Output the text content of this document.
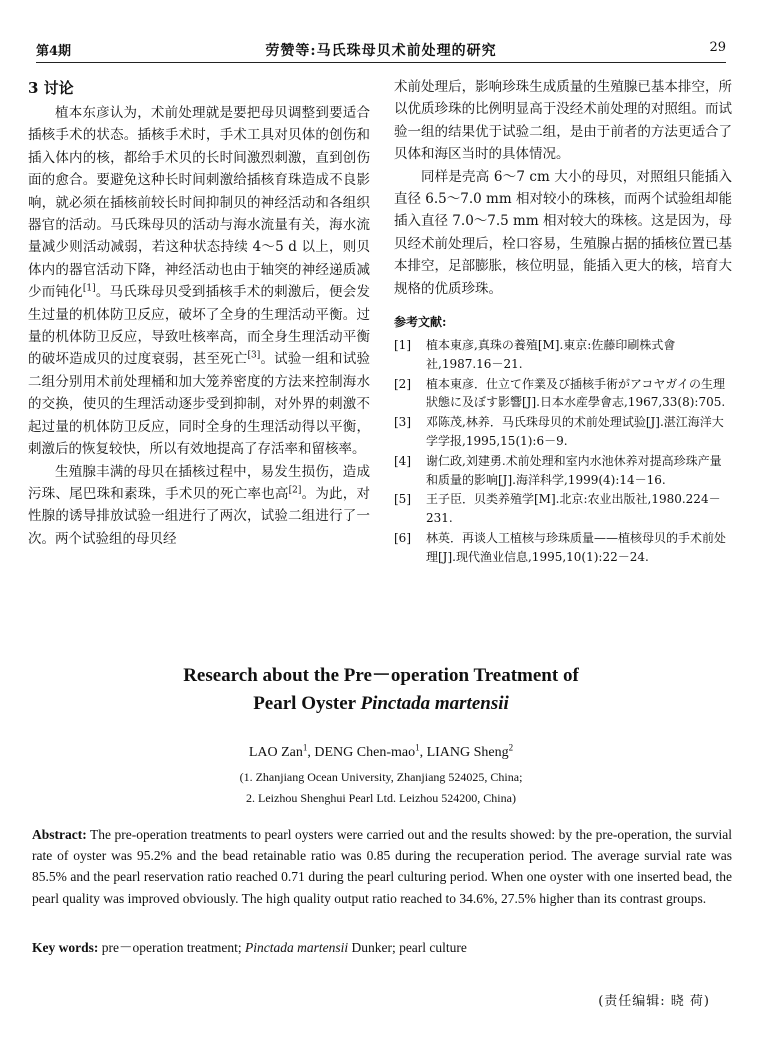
第4期	劳赞等:马氏珠母贝术前处理的研究	29
3 讨论

植本东彦认为，术前处理就是要把母贝调整到要适合插核手术的状态。插核手术时，手术工具对贝体的创伤和插入体内的核，都给手术贝的长时间激烈刺激，直到创伤面的愈合。要避免这种长时间刺激给插核育珠造成不良影响，就必须在插核前较长时间抑制贝的神经活动和各组织器官的活动。马氏珠母贝的活动与海水流量有关，海水流量减少则活动减弱，若这种状态持续 4～5 d 以上，则贝体内的器官活动下降，神经活动也由于轴突的神经递质减少而钝化[1]。马氏珠母贝受到插核手术的刺激后，便会发生过量的机体防卫反应，破坏了全身的生理活动平衡。过量的机体防卫反应，导致吐核率高，而全身生理活动平衡的破坏造成贝的过度衰弱，甚至死亡[3]。试验一组和试验二组分别用术前处理桶和加大笼养密度的方法来控制海水的交换，使贝的生理活动逐步受到抑制，对外界的刺激不起过量的机体防卫反应，同时全身的生理活动得以平衡，刺激后的恢复较快，所以有效地提高了存活率和留核率。

生殖腺丰满的母贝在插核过程中，易发生损伤，造成污珠、尾巴珠和素珠，手术贝的死亡率也高[2]。为此，对性腺的诱导排放试验一组进行了两次，试验二组进行了一次。两个试验组的母贝经

术前处理后，影响珍珠生成质量的生殖腺已基本排空，所以优质珍珠的比例明显高于没经术前处理的对照组。而试验一组的结果优于试验二组，是由于前者的方法更适合了贝体和海区当时的具体情况。

同样是壳高 6～7 cm 大小的母贝，对照组只能插入直径 6.5～7.0 mm 相对较小的珠核，而两个试验组却能插入直径 7.0～7.5 mm 相对较大的珠核。这是因为，母贝经术前处理后，栓口容易，生殖腺占据的插核位置已基本排空，足部膨胀，核位明显，能插入更大的核，培育大规格的优质珍珠。

参考文献:
[1] 植本東彦,真珠の養殖[M].東京:佐藤印刷株式會社,1987.16－21.
[2] 植本東彦．仕立て作業及び插核手術がアコヤガイの生理狀態に及ぼす影響[J].日本水産學會志,1967,33(8):705.
[3] 邓陈茂,林养．马氏珠母贝的术前处理试验[J].湛江海洋大学学报,1995,15(1):6－9.
[4] 谢仁政,刘建勇.术前处理和室内水池休养对提高珍珠产量和质量的影响[J].海洋科学,1999(4):14－16.
[5] 王子臣．贝类养殖学[M].北京:农业出版社,1980.224－231.
[6] 林英．再谈人工植核与珍珠质量——植核母贝的手术前处理[J].现代渔业信息,1995,10(1):22－24.
Research about the Pre－operation Treatment of
Pearl Oyster Pinctada martensii
LAO Zan$^1$, DENG Chen-mao$^1$, LIANG Sheng$^2$
(1. Zhanjiang Ocean University, Zhanjiang 524025, China;
2. Leizhou Shenghui Pearl Ltd. Leizhou 524200, China)

Abstract: The pre-operation treatments to pearl oysters were carried out and the results showed: by the pre-operation, the survial rate of oyster was 95.2% and the bead retainable ratio was 0.85 during the recuperation period. The average survial rate was 85.5% and the pearl reservation ratio reached 0.71 during the pearl culturing period. When one oyster with one inserted bead, the pearl quality was improved obviously. The high quality output ratio reached to 34.6%, 27.5% higher than its contrast groups.

Key words: pre－operation treatment; Pinctada martensii Dunker; pearl culture

(责任编辑: 晓 荷)
